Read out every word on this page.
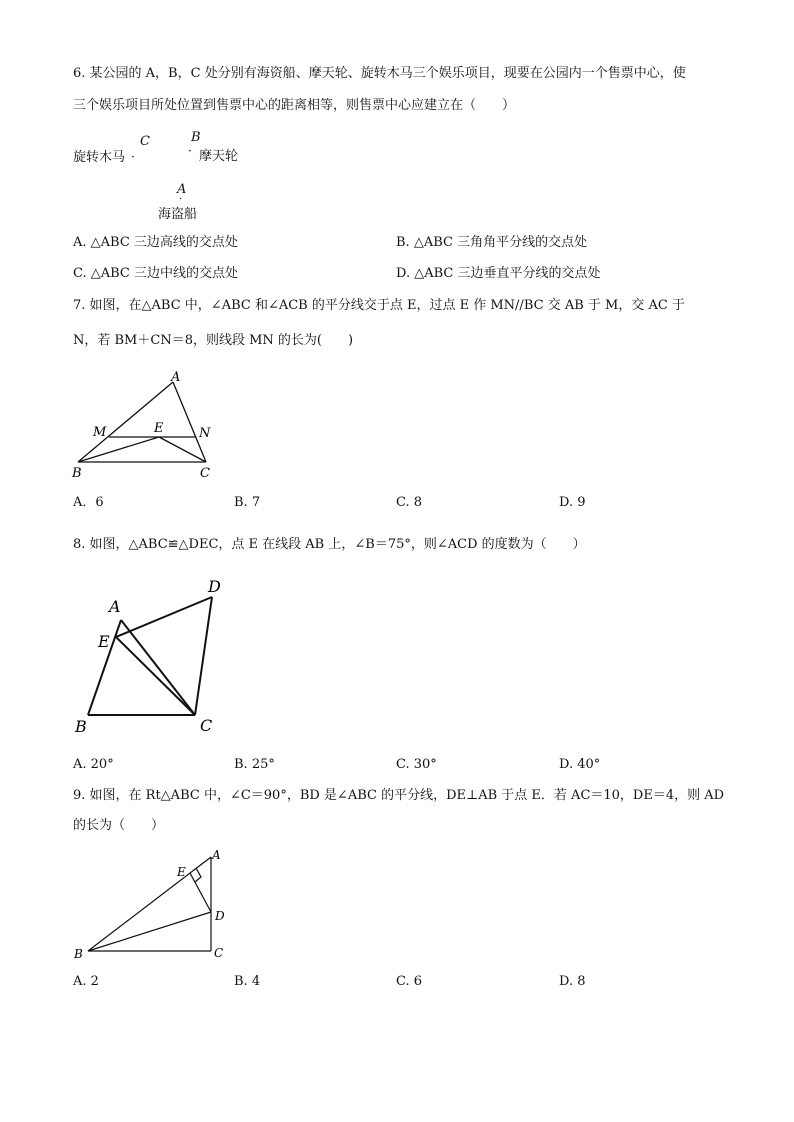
6. 某公园的 A，B，C 处分别有海资船、摩天轮、旋转木马三个娱乐项目，现要在公园内一个售票中心，使
三个娱乐项目所处位置到售票中心的距离相等，则售票中心应建立在（　　）
旋转木马 ·
C	B
· 摩天轮
A
·
海盗船
A. △ABC 三边高线的交点处	B. △ABC 三角角平分线的交点处
C. △ABC 三边中线的交点处	D. △ABC 三边垂直平分线的交点处
7. 如图，在△ABC 中，∠ABC 和∠ACB 的平分线交于点 E，过点 E 作 MN//BC 交 AB 于 M，交 AC 于
N，若 BM＋CN＝8，则线段 MN 的长为(　　)
A
M	E	N
B	C
A．6	B. 7	C. 8	D. 9
8. 如图，△ABC≌△DEC，点 E 在线段 AB 上，∠B＝75°，则∠ACD 的度数为（　　）
A
D
E
B	C
A. 20°	B. 25°	C. 30°	D. 40°
9. 如图，在 Rt△ABC 中，∠C＝90°，BD 是∠ABC 的平分线，DE⊥AB 于点 E．若 AC＝10，DE＝4，则 AD
的长为（　　）
A
E
D
B	C
A. 2	B. 4	C. 6	D. 8
